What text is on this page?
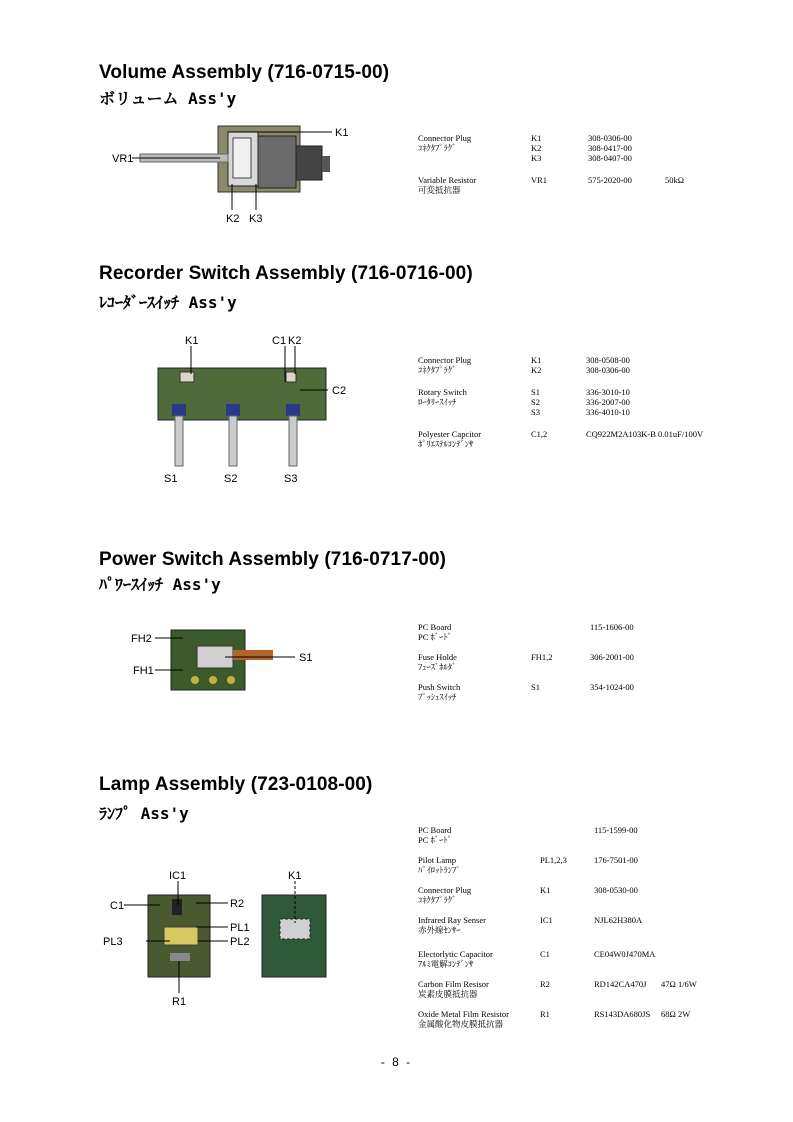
Volume Assembly (716-0715-00)
ボリューム Ass'y
K1
VR1
K2 K3
Connector Plug	K1	308-0306-00
ｺﾈｸﾀﾌﾟﾗｸﾞ	K2	308-0417-00
K3	308-0407-00
Variable Resistor	VR1	575-2020-00	50kΩ
可変抵抗器
Recorder Switch Assembly (716-0716-00)
ﾚｺｰﾀﾞｰｽｲｯﾁ Ass'y
K1	C1 K2
C2
S1	S2	S3
Connector Plug	K1	308-0508-00
ｺﾈｸﾀﾌﾟﾗｸﾞ	K2	308-0306-00
Rotary Switch	S1	336-3010-10
ﾛｰﾀﾘｰｽｲｯﾁ	S2	336-2007-00
S3	336-4010-10
Polyester Capcitor	C1,2	CQ922M2A103K-B 0.01uF/100V
ﾎﾟﾘｴｽﾃﾙｺﾝﾃﾞﾝｻ
Power Switch Assembly (716-0717-00)
ﾊﾟﾜｰｽｲｯﾁ Ass'y
FH2
S1
FH1
PC Board	115-1606-00
PC ﾎﾞｰﾄﾞ
Fuse Holde	FH1,2	306-2001-00
ﾌｭｰｽﾞﾎﾙﾀﾞ
Push Switch	S1	354-1024-00
ﾌﾟｯｼｭｽｲｯﾁ
Lamp Assembly (723-0108-00)
ﾗﾝﾌﾟ Ass'y
IC1	K1
C1	R2
PL1
PL3	PL2
R1
PC Board	115-1599-00
PC ﾎﾞｰﾄﾞ
Pilot Lamp	PL1,2,3	176-7501-00
ﾊﾟｲﾛｯﾄﾗﾝﾌﾟ
Connector Plug	K1	308-0530-00
ｺﾈｸﾀﾌﾟﾗｸﾞ
Infrared Ray Senser	IC1	NJL62H380A
赤外線ｾﾝｻｰ
Electorlytic Capacitor	C1	CE04W0J470MA
ｱﾙﾐ電解ｺﾝﾃﾞﾝｻ
Carbon Film Resisor	R2	RD142CA470J 47Ω 1/6W
炭素皮膜抵抗器
Oxide Metal Film Resistor	R1	RS143DA680JS 68Ω 2W
金属酸化物皮膜抵抗器
- 8 -
